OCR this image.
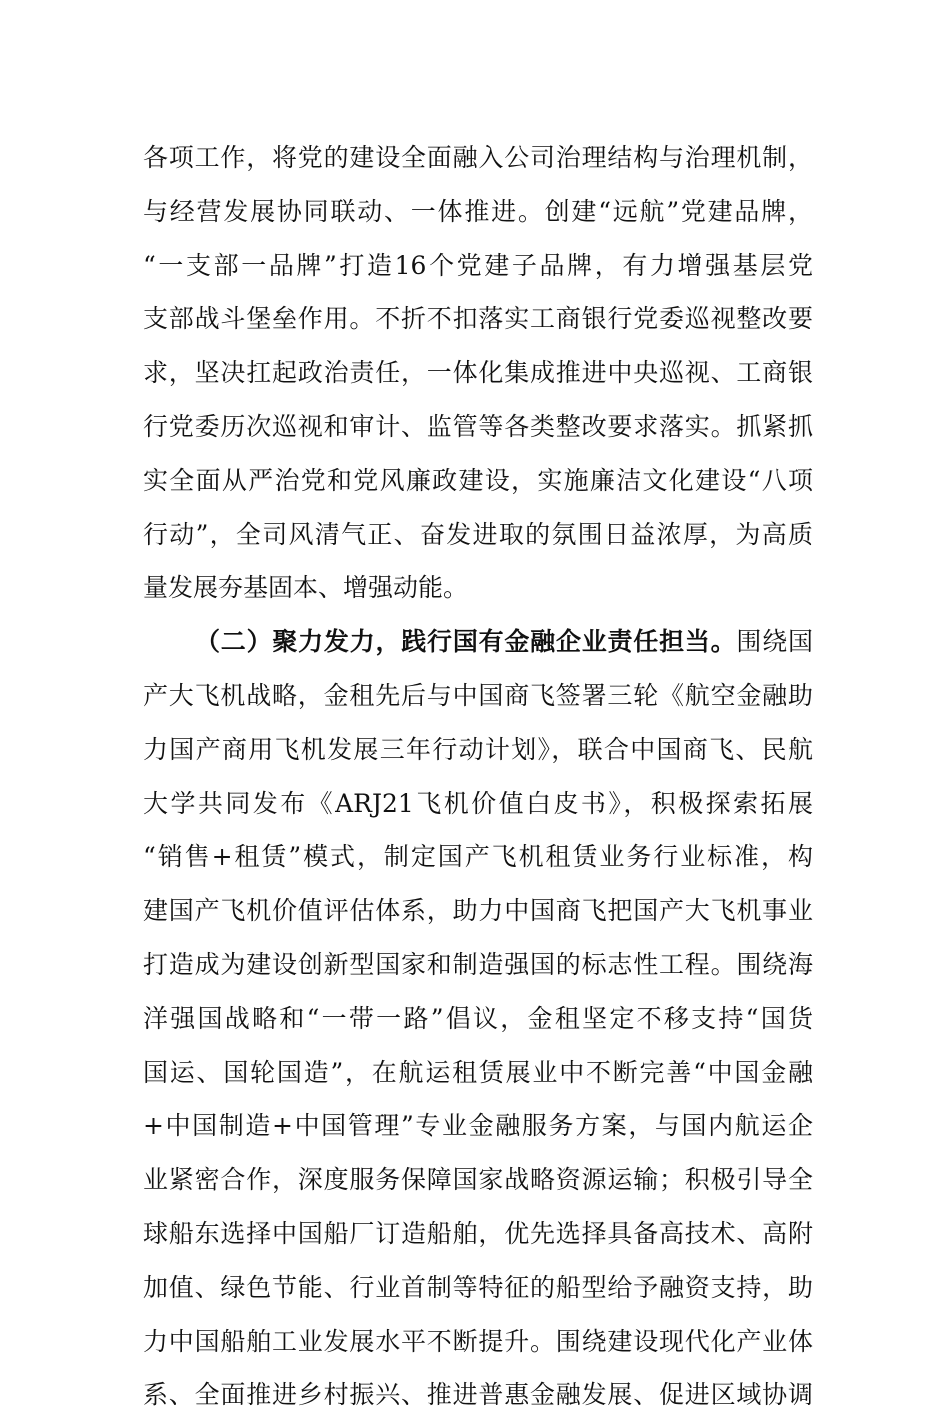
各项工作，将党的建设全面融入公司治理结构与治理机制，
与经营发展协同联动、一体推进。创建“远航”党建品牌，
“一支部一品牌”打造16个党建子品牌，有力增强基层党
支部战斗堡垒作用。不折不扣落实工商银行党委巡视整改要
求，坚决扛起政治责任，一体化集成推进中央巡视、工商银
行党委历次巡视和审计、监管等各类整改要求落实。抓紧抓
实全面从严治党和党风廉政建设，实施廉洁文化建设“八项
行动”，全司风清气正、奋发进取的氛围日益浓厚，为高质
量发展夯基固本、增强动能。
（二）聚力发力，践行国有金融企业责任担当。围绕国
产大飞机战略，金租先后与中国商飞签署三轮《航空金融助
力国产商用飞机发展三年行动计划》，联合中国商飞、民航
大学共同发布《ARJ21飞机价值白皮书》，积极探索拓展
“销售+租赁”模式，制定国产飞机租赁业务行业标准，构
建国产飞机价值评估体系，助力中国商飞把国产大飞机事业
打造成为建设创新型国家和制造强国的标志性工程。围绕海
洋强国战略和“一带一路”倡议，金租坚定不移支持“国货
国运、国轮国造”，在航运租赁展业中不断完善“中国金融
+中国制造+中国管理”专业金融服务方案，与国内航运企
业紧密合作，深度服务保障国家战略资源运输；积极引导全
球船东选择中国船厂订造船舶，优先选择具备高技术、高附
加值、绿色节能、行业首制等特征的船型给予融资支持，助
力中国船舶工业发展水平不断提升。围绕建设现代化产业体
系、全面推进乡村振兴、推进普惠金融发展、促进区域协调
